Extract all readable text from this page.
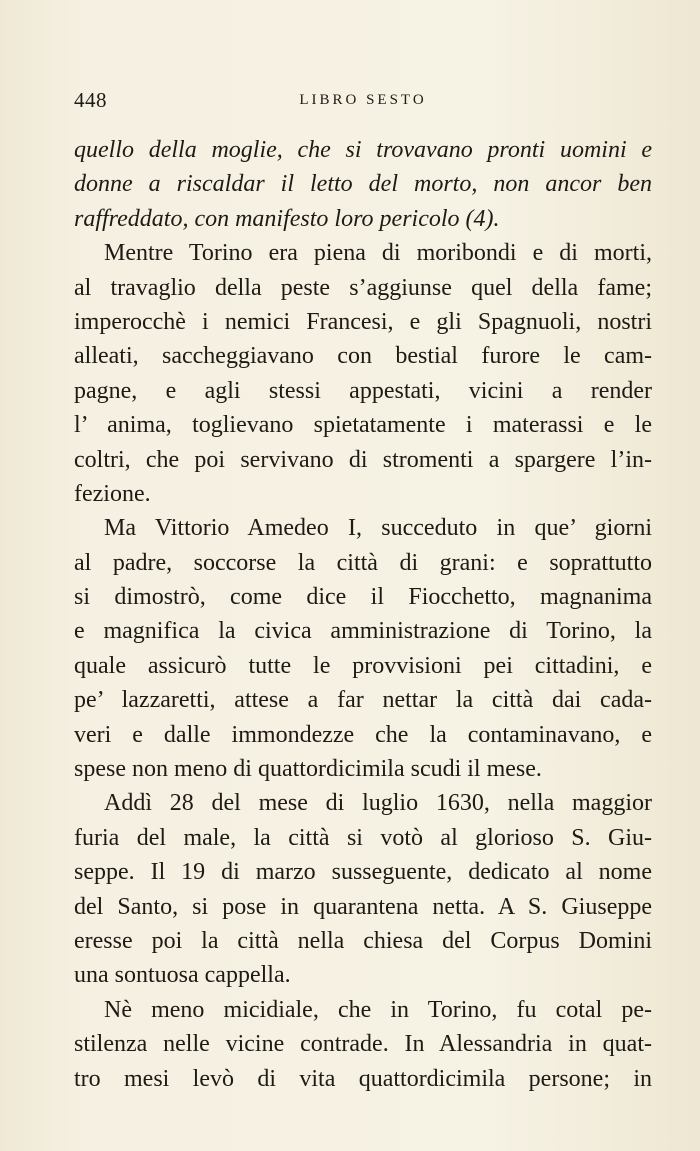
448	LIBRO SESTO
quello della moglie, che si trovavano pronti uomini e
donne a riscaldar il letto del morto, non ancor ben
raffreddato, con manifesto loro pericolo (4).
Mentre Torino era piena di moribondi e di morti,
al travaglio della peste s’aggiunse quel della fame;
imperocchè i nemici Francesi, e gli Spagnuoli, nostri
alleati, saccheggiavano con bestial furore le cam-
pagne, e agli stessi appestati, vicini a render
l’ anima, toglievano spietatamente i materassi e le
coltri, che poi servivano di stromenti a spargere l’in-
fezione.
Ma Vittorio Amedeo I, succeduto in que’ giorni
al padre, soccorse la città di grani: e soprattutto
si dimostrò, come dice il Fiocchetto, magnanima
e magnifica la civica amministrazione di Torino, la
quale assicurò tutte le provvisioni pei cittadini, e
pe’ lazzaretti, attese a far nettar la città dai cada-
veri e dalle immondezze che la contaminavano, e
spese non meno di quattordicimila scudi il mese.
Addì 28 del mese di luglio 1630, nella maggior
furia del male, la città si votò al glorioso S. Giu-
seppe. Il 19 di marzo susseguente, dedicato al nome
del Santo, si pose in quarantena netta. A S. Giuseppe
eresse poi la città nella chiesa del Corpus Domini
una sontuosa cappella.
Nè meno micidiale, che in Torino, fu cotal pe-
stilenza nelle vicine contrade. In Alessandria in quat-
tro mesi levò di vita quattordicimila persone; in
